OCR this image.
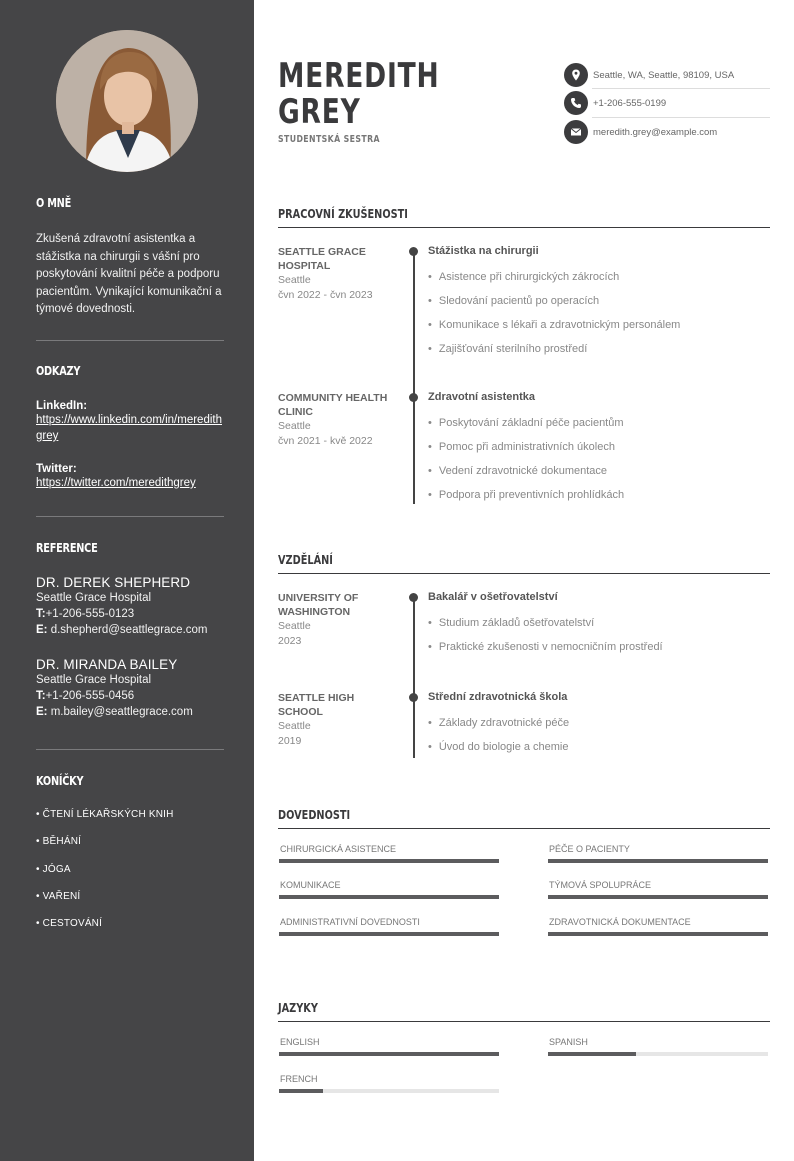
O MNĚ
Zkušená zdravotní asistentka a stážistka na chirurgii s vášní pro poskytování kvalitní péče a podporu pacientům. Vynikající komunikační a týmové dovednosti.
ODKAZY
LinkedIn:
https://www.linkedin.com/in/meredithgrey
Twitter:
https://twitter.com/meredithgrey
REFERENCE
DR. DEREK SHEPHERD
Seattle Grace Hospital
T:+1-206-555-0123
E: d.shepherd@seattlegrace.com
DR. MIRANDA BAILEY
Seattle Grace Hospital
T:+1-206-555-0456
E: m.bailey@seattlegrace.com
KONÍČKY
• ČTENÍ LÉKAŘSKÝCH KNIH
• BĚHÁNÍ
• JÓGA
• VAŘENÍ
• CESTOVÁNÍ
MEREDITH
GREY
STUDENTSKÁ SESTRA
Seattle, WA, Seattle, 98109, USA
+1-206-555-0199
meredith.grey@example.com
PRACOVNÍ ZKUŠENOSTI
SEATTLE GRACE HOSPITAL
Seattle
čvn 2022 - čvn 2023
Stážistka na chirurgii
• Asistence při chirurgických zákrocích
• Sledování pacientů po operacích
• Komunikace s lékaři a zdravotnickým personálem
• Zajišťování sterilního prostředí
COMMUNITY HEALTH CLINIC
Seattle
čvn 2021 - kvě 2022
Zdravotní asistentka
• Poskytování základní péče pacientům
• Pomoc při administrativních úkolech
• Vedení zdravotnické dokumentace
• Podpora při preventivních prohlídkách
VZDĚLÁNÍ
UNIVERSITY OF WASHINGTON
Seattle
2023
Bakalář v ošetřovatelství
• Studium základů ošetřovatelství
• Praktické zkušenosti v nemocničním prostředí
SEATTLE HIGH SCHOOL
Seattle
2019
Střední zdravotnická škola
• Základy zdravotnické péče
• Úvod do biologie a chemie
DOVEDNOSTI
CHIRURGICKÁ ASISTENCE	PÉČE O PACIENTY
KOMUNIKACE	TÝMOVÁ SPOLUPRÁCE
ADMINISTRATIVNÍ DOVEDNOSTI	ZDRAVOTNICKÁ DOKUMENTACE
JAZYKY
ENGLISH	SPANISH
FRENCH
